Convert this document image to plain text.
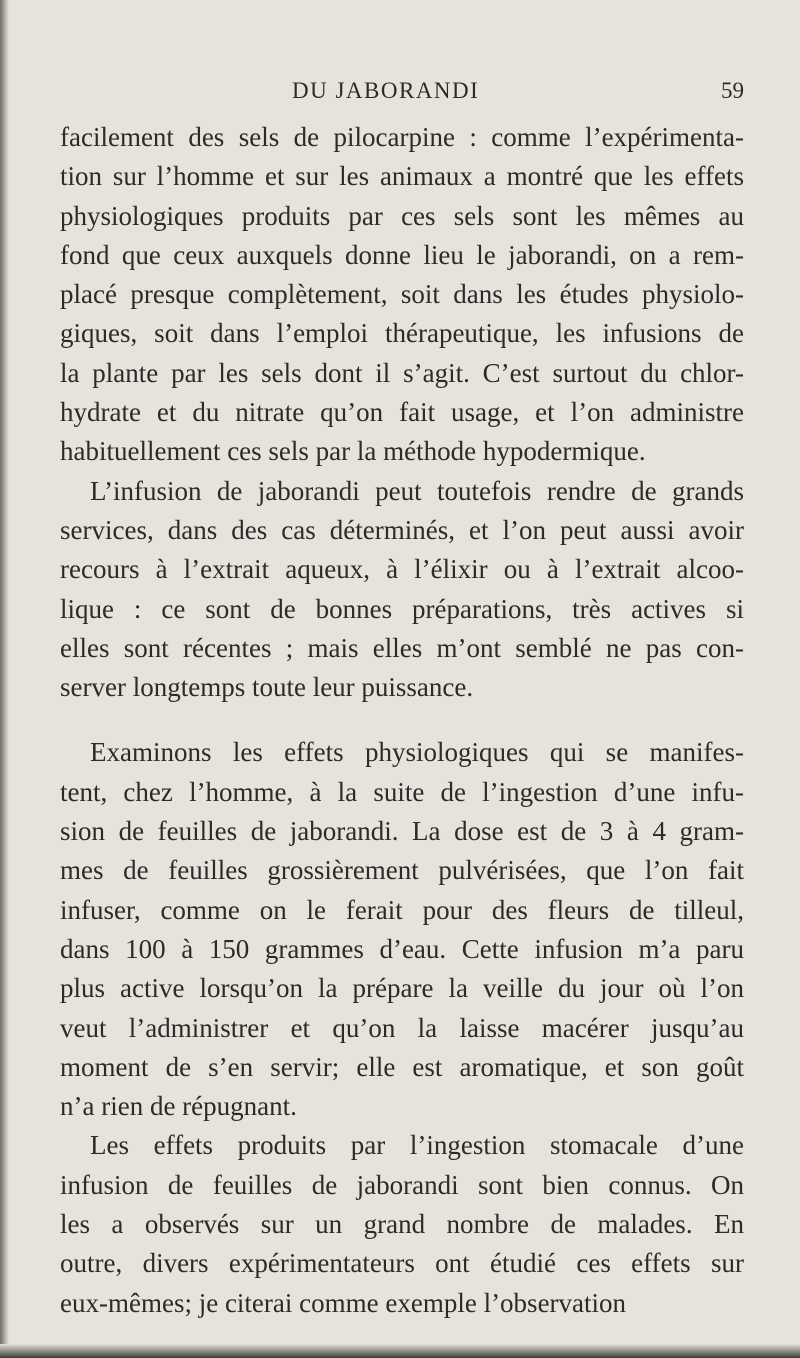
DU JABORANDI	59
facilement des sels de pilocarpine : comme l’expérimenta-
tion sur l’homme et sur les animaux a montré que les effets
physiologiques produits par ces sels sont les mêmes au
fond que ceux auxquels donne lieu le jaborandi, on a rem-
placé presque complètement, soit dans les études physiolo-
giques, soit dans l’emploi thérapeutique, les infusions de
la plante par les sels dont il s’agit. C’est surtout du chlor-
hydrate et du nitrate qu’on fait usage, et l’on administre
habituellement ces sels par la méthode hypodermique.
L’infusion de jaborandi peut toutefois rendre de grands
services, dans des cas déterminés, et l’on peut aussi avoir
recours à l’extrait aqueux, à l’élixir ou à l’extrait alcoo-
lique : ce sont de bonnes préparations, très actives si
elles sont récentes ; mais elles m’ont semblé ne pas con-
server longtemps toute leur puissance.
Examinons les effets physiologiques qui se manifes-
tent, chez l’homme, à la suite de l’ingestion d’une infu-
sion de feuilles de jaborandi. La dose est de 3 à 4 gram-
mes de feuilles grossièrement pulvérisées, que l’on fait
infuser, comme on le ferait pour des fleurs de tilleul,
dans 100 à 150 grammes d’eau. Cette infusion m’a paru
plus active lorsqu’on la prépare la veille du jour où l’on
veut l’administrer et qu’on la laisse macérer jusqu’au
moment de s’en servir; elle est aromatique, et son goût
n’a rien de répugnant.
Les effets produits par l’ingestion stomacale d’une
infusion de feuilles de jaborandi sont bien connus. On
les a observés sur un grand nombre de malades. En
outre, divers expérimentateurs ont étudié ces effets sur
eux-mêmes; je citerai comme exemple l’observation
